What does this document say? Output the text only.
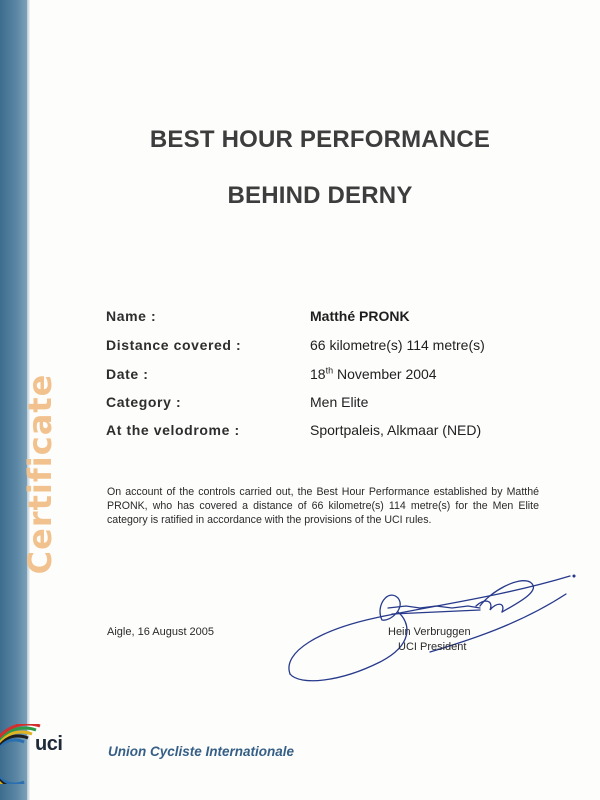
Certificate
BEST HOUR PERFORMANCE
BEHIND DERNY
Name :	Matthé PRONK
Distance covered :	66 kilometre(s) 114 metre(s)
Date :	18th November 2004
Category :	Men Elite
At the velodrome :	Sportpaleis, Alkmaar (NED)
On account of the controls carried out, the Best Hour Performance established by Matthé PRONK, who has covered a distance of 66 kilometre(s) 114 metre(s) for the Men Elite category is ratified in accordance with the provisions of the UCI rules.
Aigle, 16 August 2005	Hein Verbruggen
UCI President
uci	Union Cycliste Internationale
